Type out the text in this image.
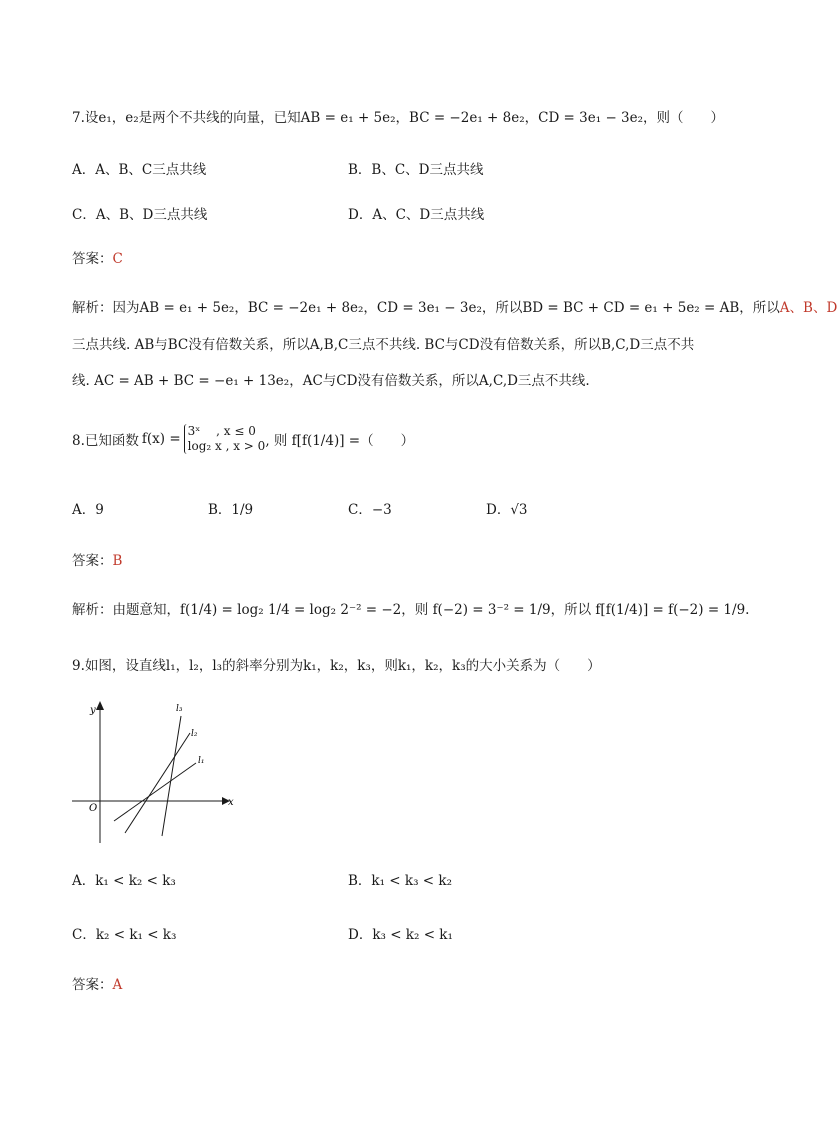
7.设e₁，e₂是两个不共线的向量，已知AB = e₁ + 5e₂，BC = −2e₁ + 8e₂，CD = 3e₁ − 3e₂，则（　　）
A．A、B、C三点共线	B．B、C、D三点共线
C．A、B、D三点共线	D．A、C、D三点共线
答案：C
解析：因为AB = e₁ + 5e₂，BC = −2e₁ + 8e₂，CD = 3e₁ − 3e₂，所以BD = BC + CD = e₁ + 5e₂ = AB，所以A、B、D
三点共线. AB与BC没有倍数关系，所以A,B,C三点不共线. BC与CD没有倍数关系，所以B,C,D三点不共
线. AC = AB + BC = −e₁ + 13e₂，AC与CD没有倍数关系，所以A,C,D三点不共线.
8.已知函数 f(x) = 3ˣ　 , x ≤ 0
log₂ x , x > 0 , 则 f[f(1/4)] =（　　）
A．9	B．1/9	C．−3	D．√3
答案：B
解析：由题意知，f(1/4) = log₂ 1/4 = log₂ 2⁻² = −2，则 f(−2) = 3⁻² = 1/9，所以 f[f(1/4)] = f(−2) = 1/9.
9.如图，设直线l₁，l₂，l₃的斜率分别为k₁，k₂，k₃，则k₁，k₂，k₃的大小关系为（　　）
y
x
O
l₁
l₂
l₃
A．k₁ < k₂ < k₃	B．k₁ < k₃ < k₂
C．k₂ < k₁ < k₃	D．k₃ < k₂ < k₁
答案：A
